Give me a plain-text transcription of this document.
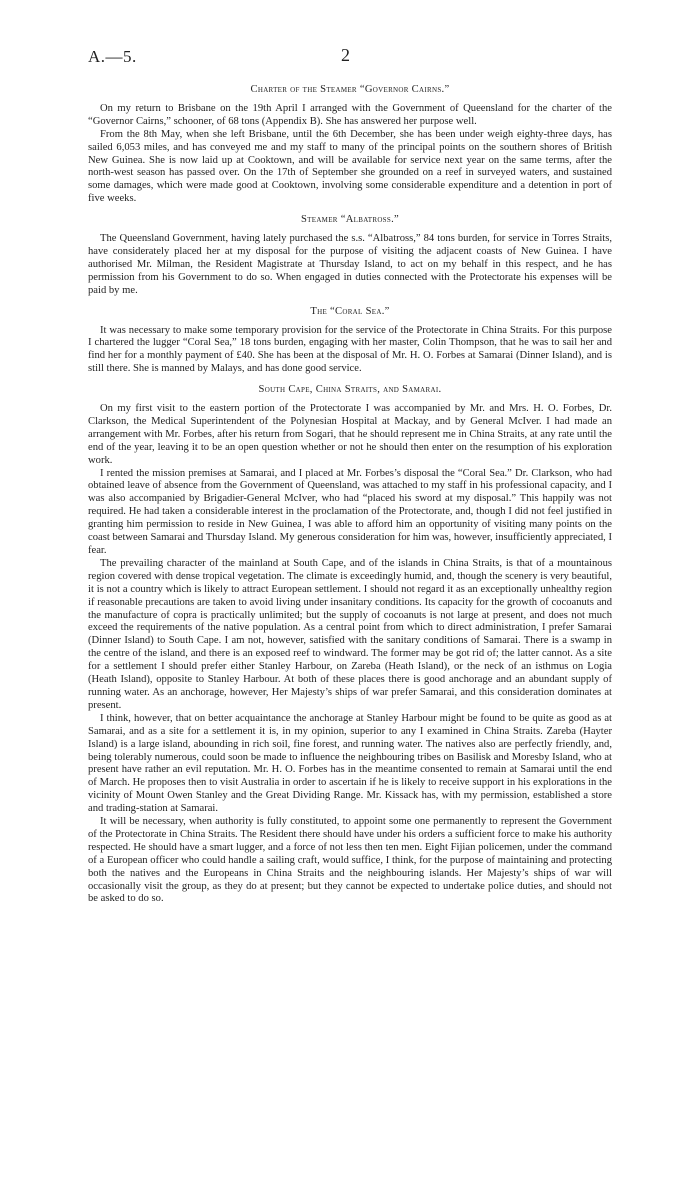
A.—5.	2
Charter of the Steamer “Governor Cairns.”

On my return to Brisbane on the 19th April I arranged with the Government of Queensland for the charter of the “Governor Cairns,” schooner, of 68 tons (Appendix B). She has answered her purpose well.

From the 8th May, when she left Brisbane, until the 6th December, she has been under weigh eighty-three days, has sailed 6,053 miles, and has conveyed me and my staff to many of the principal points on the southern shores of British New Guinea. She is now laid up at Cooktown, and will be available for service next year on the same terms, after the north-west season has passed over. On the 17th of September she grounded on a reef in surveyed waters, and sustained some damages, which were made good at Cooktown, involving some considerable expenditure and a detention in port of five weeks.

Steamer “Albatross.”

The Queensland Government, having lately purchased the s.s. “Albatross,” 84 tons burden, for service in Torres Straits, have considerately placed her at my disposal for the purpose of visiting the adjacent coasts of New Guinea. I have authorised Mr. Milman, the Resident Magistrate at Thursday Island, to act on my behalf in this respect, and he has permission from his Government to do so. When engaged in duties connected with the Protectorate his expenses will be paid by me.

The “Coral Sea.”

It was necessary to make some temporary provision for the service of the Protectorate in China Straits. For this purpose I chartered the lugger “Coral Sea,” 18 tons burden, engaging with her master, Colin Thompson, that he was to sail her and find her for a monthly payment of £40. She has been at the disposal of Mr. H. O. Forbes at Samarai (Dinner Island), and is still there. She is manned by Malays, and has done good service.

South Cape, China Straits, and Samarai.

On my first visit to the eastern portion of the Protectorate I was accompanied by Mr. and Mrs. H. O. Forbes, Dr. Clarkson, the Medical Superintendent of the Polynesian Hospital at Mackay, and by General McIver. I had made an arrangement with Mr. Forbes, after his return from Sogari, that he should represent me in China Straits, at any rate until the end of the year, leaving it to be an open question whether or not he should then enter on the resumption of his exploration work.

I rented the mission premises at Samarai, and I placed at Mr. Forbes’s disposal the “Coral Sea.” Dr. Clarkson, who had obtained leave of absence from the Government of Queensland, was attached to my staff in his professional capacity, and I was also accompanied by Brigadier-General McIver, who had “placed his sword at my disposal.” This happily was not required. He had taken a considerable interest in the proclamation of the Protectorate, and, though I did not feel justified in granting him permission to reside in New Guinea, I was able to afford him an opportunity of visiting many points on the coast between Samarai and Thursday Island. My generous consideration for him was, however, insufficiently appreciated, I fear.

The prevailing character of the mainland at South Cape, and of the islands in China Straits, is that of a mountainous region covered with dense tropical vegetation. The climate is exceedingly humid, and, though the scenery is very beautiful, it is not a country which is likely to attract European settlement. I should not regard it as an exceptionally unhealthy region if reasonable precautions are taken to avoid living under insanitary conditions. Its capacity for the growth of cocoanuts and the manufacture of copra is practically unlimited; but the supply of cocoanuts is not large at present, and does not much exceed the requirements of the native population. As a central point from which to direct administration, I prefer Samarai (Dinner Island) to South Cape. I am not, however, satisfied with the sanitary conditions of Samarai. There is a swamp in the centre of the island, and there is an exposed reef to windward. The former may be got rid of; the latter cannot. As a site for a settlement I should prefer either Stanley Harbour, on Zareba (Heath Island), or the neck of an isthmus on Logia (Heath Island), opposite to Stanley Harbour. At both of these places there is good anchorage and an abundant supply of running water. As an anchorage, however, Her Majesty’s ships of war prefer Samarai, and this consideration dominates at present.

I think, however, that on better acquaintance the anchorage at Stanley Harbour might be found to be quite as good as at Samarai, and as a site for a settlement it is, in my opinion, superior to any I examined in China Straits. Zareba (Hayter Island) is a large island, abounding in rich soil, fine forest, and running water. The natives also are perfectly friendly, and, being tolerably numerous, could soon be made to influence the neighbouring tribes on Basilisk and Moresby Island, who at present have rather an evil reputation. Mr. H. O. Forbes has in the meantime consented to remain at Samarai until the end of March. He proposes then to visit Australia in order to ascertain if he is likely to receive support in his explorations in the vicinity of Mount Owen Stanley and the Great Dividing Range. Mr. Kissack has, with my permission, established a store and trading-station at Samarai.

It will be necessary, when authority is fully constituted, to appoint some one permanently to represent the Government of the Protectorate in China Straits. The Resident there should have under his orders a sufficient force to make his authority respected. He should have a smart lugger, and a force of not less then ten men. Eight Fijian policemen, under the command of a European officer who could handle a sailing craft, would suffice, I think, for the purpose of maintaining and protecting both the natives and the Europeans in China Straits and the neighbouring islands. Her Majesty’s ships of war will occasionally visit the group, as they do at present; but they cannot be expected to undertake police duties, and should not be asked to do so.
